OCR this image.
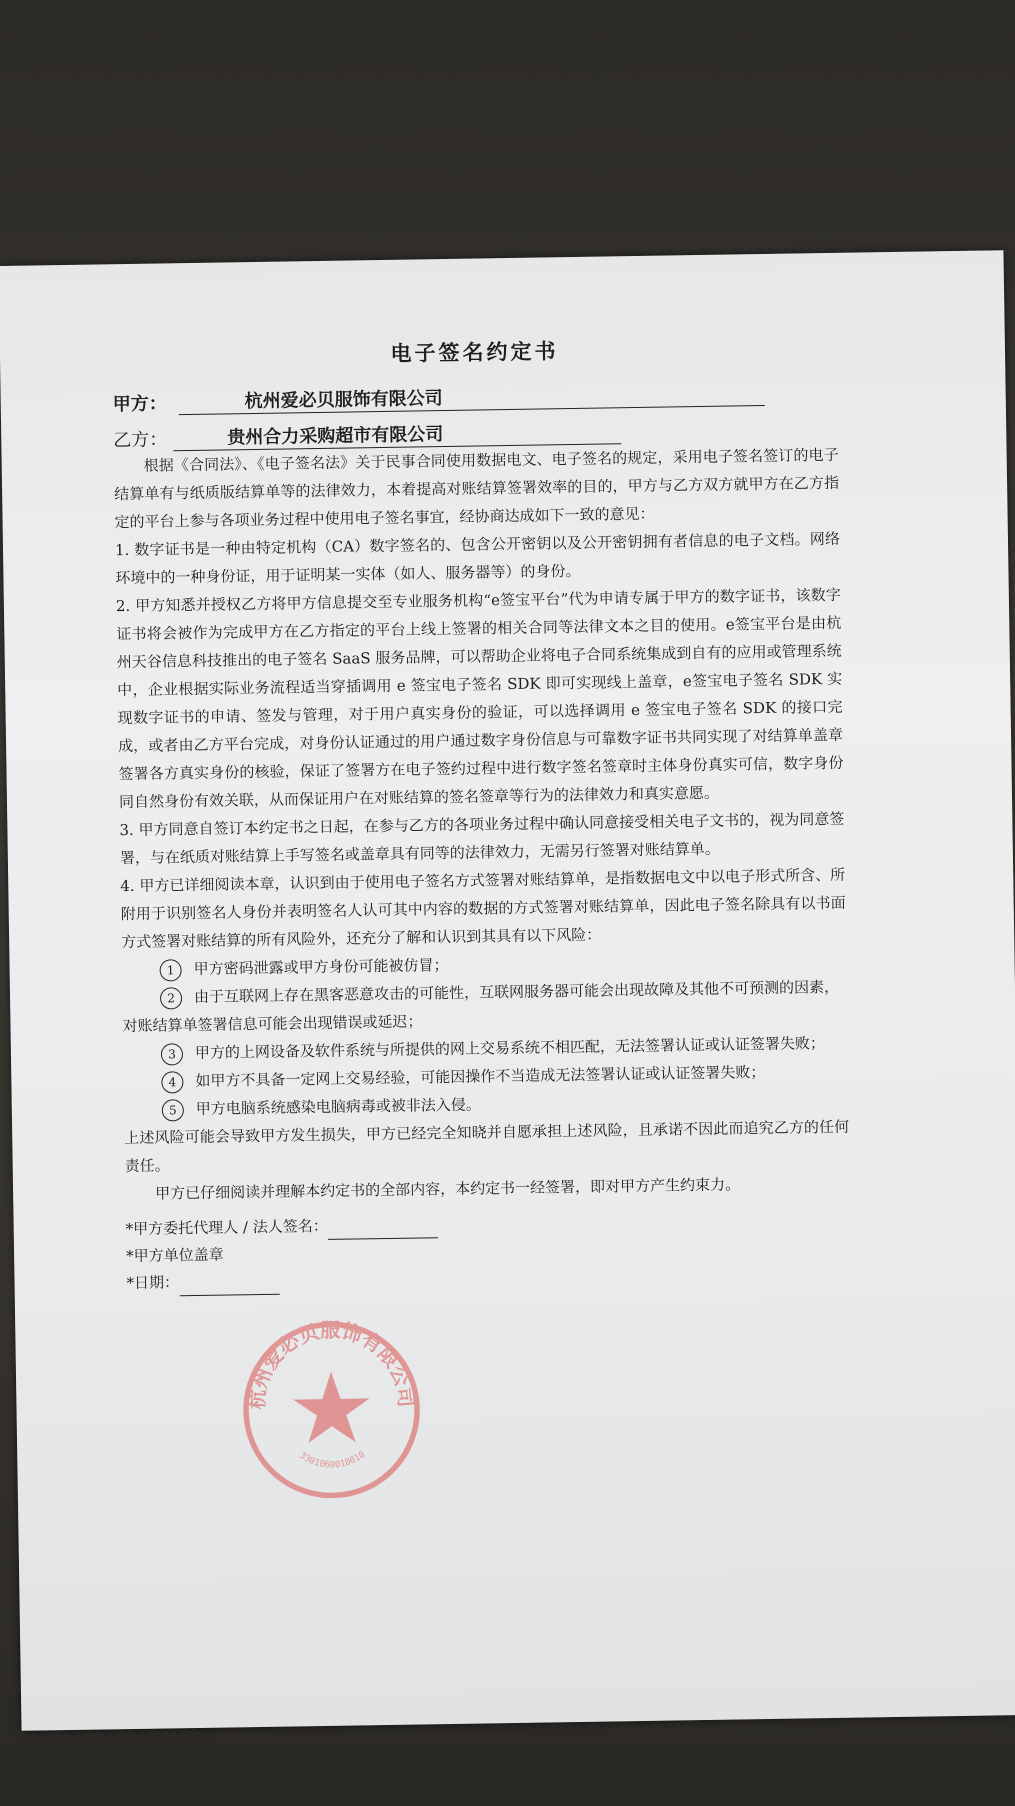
电子签名约定书
甲方：	杭州爱必贝服饰有限公司
乙方：	贵州合力采购超市有限公司

根据《合同法》、《电子签名法》关于民事合同使用数据电文、电子签名的规定，采用电子签名签订的电子结算单有与纸质版结算单等的法律效力，本着提高对账结算签署效率的目的，甲方与乙方双方就甲方在乙方指定的平台上参与各项业务过程中使用电子签名事宜，经协商达成如下一致的意见：

1. 数字证书是一种由特定机构（CA）数字签名的、包含公开密钥以及公开密钥拥有者信息的电子文档。网络环境中的一种身份证，用于证明某一实体（如人、服务器等）的身份。

2. 甲方知悉并授权乙方将甲方信息提交至专业服务机构“e签宝平台”代为申请专属于甲方的数字证书，该数字证书将会被作为完成甲方在乙方指定的平台上线上签署的相关合同等法律文本之目的使用。e签宝平台是由杭州天谷信息科技推出的电子签名 SaaS 服务品牌，可以帮助企业将电子合同系统集成到自有的应用或管理系统中，企业根据实际业务流程适当穿插调用 e 签宝电子签名 SDK 即可实现线上盖章，e签宝电子签名 SDK 实现数字证书的申请、签发与管理，对于用户真实身份的验证，可以选择调用 e 签宝电子签名 SDK 的接口完成，或者由乙方平台完成，对身份认证通过的用户通过数字身份信息与可靠数字证书共同实现了对结算单盖章签署各方真实身份的核验，保证了签署方在电子签约过程中进行数字签名签章时主体身份真实可信，数字身份同自然身份有效关联，从而保证用户在对账结算的签名签章等行为的法律效力和真实意愿。

3. 甲方同意自签订本约定书之日起，在参与乙方的各项业务过程中确认同意接受相关电子文书的，视为同意签署，与在纸质对账结算上手写签名或盖章具有同等的法律效力，无需另行签署对账结算单。

4. 甲方已详细阅读本章，认识到由于使用电子签名方式签署对账结算单，是指数据电文中以电子形式所含、所附用于识别签名人身份并表明签名人认可其中内容的数据的方式签署对账结算单，因此电子签名除具有以书面方式签署对账结算的所有风险外，还充分了解和认识到其具有以下风险：

1 甲方密码泄露或甲方身份可能被仿冒；
2 由于互联网上存在黑客恶意攻击的可能性，互联网服务器可能会出现故障及其他不可预测的因素，对账结算单签署信息可能会出现错误或延迟；
3 甲方的上网设备及软件系统与所提供的网上交易系统不相匹配，无法签署认证或认证签署失败；
4 如甲方不具备一定网上交易经验，可能因操作不当造成无法签署认证或认证签署失败；
5 甲方电脑系统感染电脑病毒或被非法入侵。

上述风险可能会导致甲方发生损失，甲方已经完全知晓并自愿承担上述风险，且承诺不因此而追究乙方的任何责任。

甲方已仔细阅读并理解本约定书的全部内容，本约定书一经签署，即对甲方产生约束力。

*甲方委托代理人 / 法人签名：
*甲方单位盖章
*日期：
杭州爱必贝服饰有限公司
3301060010010
